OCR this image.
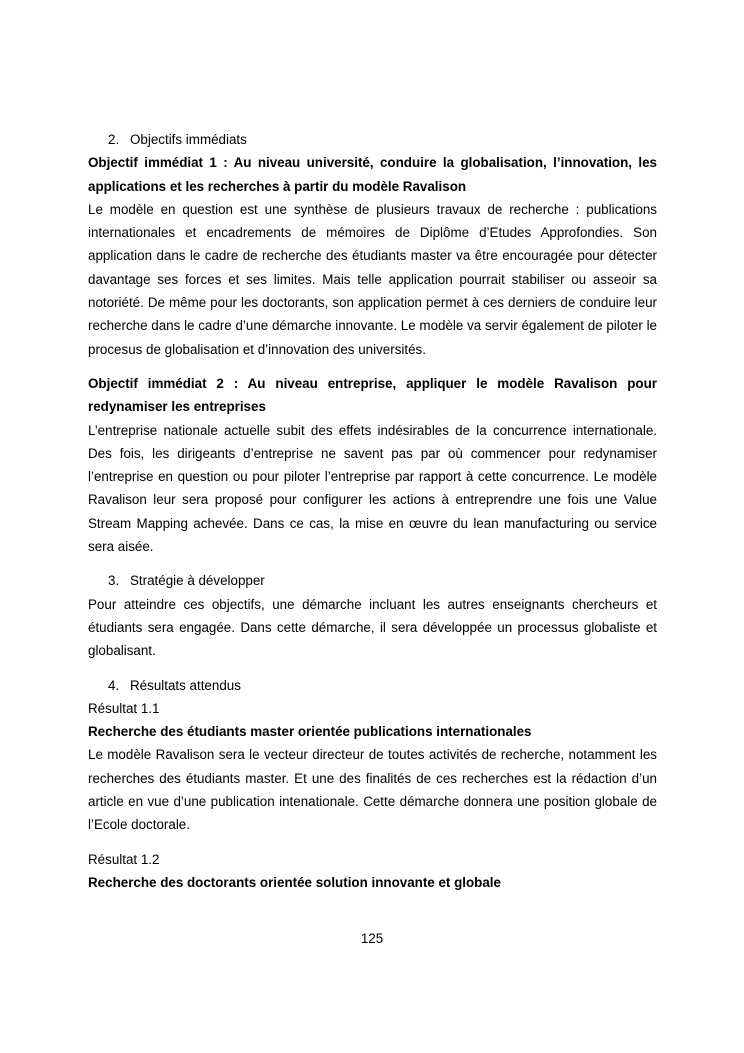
2. Objectifs immédiats

Objectif immédiat 1 : Au niveau université, conduire la globalisation, l’innovation, les applications et les recherches à partir du modèle Ravalison

Le modèle en question est une synthèse de plusieurs travaux de recherche : publications internationales et encadrements de mémoires de Diplôme d’Etudes Approfondies. Son application dans le cadre de recherche des étudiants master va être encouragée pour détecter davantage ses forces et ses limites. Mais telle application pourrait stabiliser ou asseoir sa notoriété. De même pour les doctorants, son application permet à ces derniers de conduire leur recherche dans le cadre d’une démarche innovante. Le modèle va servir également de piloter le procesus de globalisation et d’innovation des universités.

Objectif immédiat 2 : Au niveau entreprise, appliquer le modèle Ravalison pour redynamiser les entreprises

L’entreprise nationale actuelle subit des effets indésirables de la concurrence internationale. Des fois, les dirigeants d’entreprise ne savent pas par où commencer pour redynamiser l’entreprise en question ou pour piloter l’entreprise par rapport à cette concurrence. Le modèle Ravalison leur sera proposé pour configurer les actions à entreprendre une fois une Value Stream Mapping achevée. Dans ce cas, la mise en œuvre du lean manufacturing ou service sera aisée.

3. Stratégie à développer

Pour atteindre ces objectifs, une démarche incluant les autres enseignants chercheurs et étudiants sera engagée. Dans cette démarche, il sera développée un processus globaliste et globalisant.

4. Résultats attendus

Résultat 1.1

Recherche des étudiants master orientée publications internationales

Le modèle Ravalison sera le vecteur directeur de toutes activités de recherche, notamment les recherches des étudiants master. Et une des finalités de ces recherches est la rédaction d’un article en vue d’une publication intenationale. Cette démarche donnera une position globale de l’Ecole doctorale.

Résultat 1.2

Recherche des doctorants orientée solution innovante et globale

125
